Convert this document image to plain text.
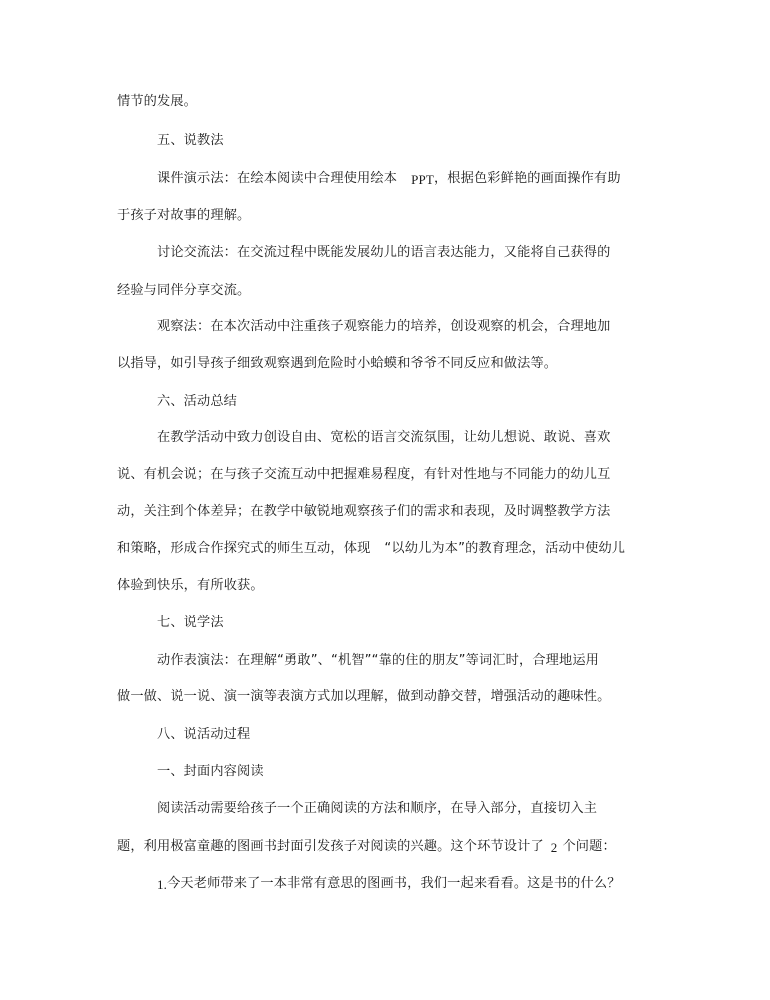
情节的发展。
五、说教法
课件演示法：在绘本阅读中合理使用绘本 PPT，根据色彩鲜艳的画面操作有助
于孩子对故事的理解。
讨论交流法：在交流过程中既能发展幼儿的语言表达能力，又能将自己获得的
经验与同伴分享交流。
观察法：在本次活动中注重孩子观察能力的培养，创设观察的机会，合理地加
以指导，如引导孩子细致观察遇到危险时小蛤蟆和爷爷不同反应和做法等。
六、活动总结
在教学活动中致力创设自由、宽松的语言交流氛围，让幼儿想说、敢说、喜欢
说、有机会说；在与孩子交流互动中把握难易程度，有针对性地与不同能力的幼儿互
动，关注到个体差异；在教学中敏锐地观察孩子们的需求和表现，及时调整教学方法
和策略，形成合作探究式的师生互动，体现 “以幼儿为本”的教育理念，活动中使幼儿
体验到快乐，有所收获。
七、说学法
动作表演法：在理解“勇敢”、“机智”“靠的住的朋友”等词汇时，合理地运用
做一做、说一说、演一演等表演方式加以理解，做到动静交替，增强活动的趣味性。
八、说活动过程
一、封面内容阅读
阅读活动需要给孩子一个正确阅读的方法和顺序，在导入部分，直接切入主
题，利用极富童趣的图画书封面引发孩子对阅读的兴趣。这个环节设计了 2 个问题：
1.今天老师带来了一本非常有意思的图画书，我们一起来看看。这是书的什么？
